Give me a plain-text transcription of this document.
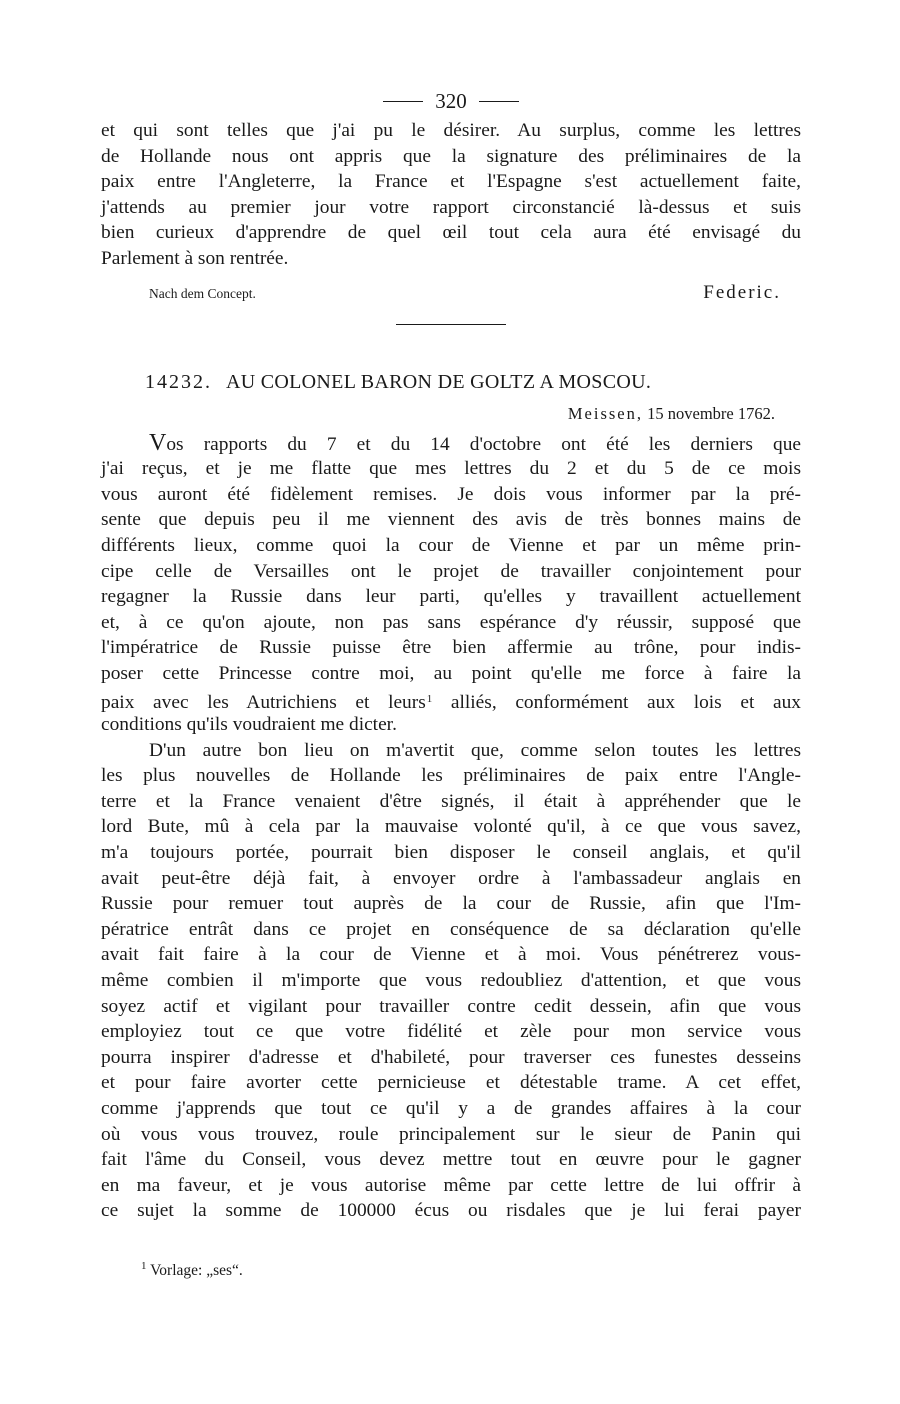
320
et qui sont telles que j'ai pu le désirer. Au surplus, comme les lettres
de Hollande nous ont appris que la signature des préliminaires de la
paix entre l'Angleterre, la France et l'Espagne s'est actuellement faite,
j'attends au premier jour votre rapport circonstancié là-dessus et suis
bien curieux d'apprendre de quel œil tout cela aura été envisagé du
Parlement à son rentrée.
Nach dem Concept.	Federic.
14232. AU COLONEL BARON DE GOLTZ A MOSCOU.
Meissen, 15 novembre 1762.
Vos rapports du 7 et du 14 d'octobre ont été les derniers que
j'ai reçus, et je me flatte que mes lettres du 2 et du 5 de ce mois
vous auront été fidèlement remises. Je dois vous informer par la pré-
sente que depuis peu il me viennent des avis de très bonnes mains de
différents lieux, comme quoi la cour de Vienne et par un même prin-
cipe celle de Versailles ont le projet de travailler conjointement pour
regagner la Russie dans leur parti, qu'elles y travaillent actuellement
et, à ce qu'on ajoute, non pas sans espérance d'y réussir, supposé que
l'impératrice de Russie puisse être bien affermie au trône, pour indis-
poser cette Princesse contre moi, au point qu'elle me force à faire la
paix avec les Autrichiens et leurs$^1$ alliés, conformément aux lois et aux
conditions qu'ils voudraient me dicter.
D'un autre bon lieu on m'avertit que, comme selon toutes les lettres
les plus nouvelles de Hollande les préliminaires de paix entre l'Angle-
terre et la France venaient d'être signés, il était à appréhender que le
lord Bute, mû à cela par la mauvaise volonté qu'il, à ce que vous savez,
m'a toujours portée, pourrait bien disposer le conseil anglais, et qu'il
avait peut-être déjà fait, à envoyer ordre à l'ambassadeur anglais en
Russie pour remuer tout auprès de la cour de Russie, afin que l'Im-
pératrice entrât dans ce projet en conséquence de sa déclaration qu'elle
avait fait faire à la cour de Vienne et à moi. Vous pénétrerez vous-
même combien il m'importe que vous redoubliez d'attention, et que vous
soyez actif et vigilant pour travailler contre cedit dessein, afin que vous
employiez tout ce que votre fidélité et zèle pour mon service vous
pourra inspirer d'adresse et d'habileté, pour traverser ces funestes desseins
et pour faire avorter cette pernicieuse et détestable trame. A cet effet,
comme j'apprends que tout ce qu'il y a de grandes affaires à la cour
où vous vous trouvez, roule principalement sur le sieur de Panin qui
fait l'âme du Conseil, vous devez mettre tout en œuvre pour le gagner
en ma faveur, et je vous autorise même par cette lettre de lui offrir à
ce sujet la somme de 100000 écus ou risdales que je lui ferai payer
$^1$ Vorlage: „ses“.
